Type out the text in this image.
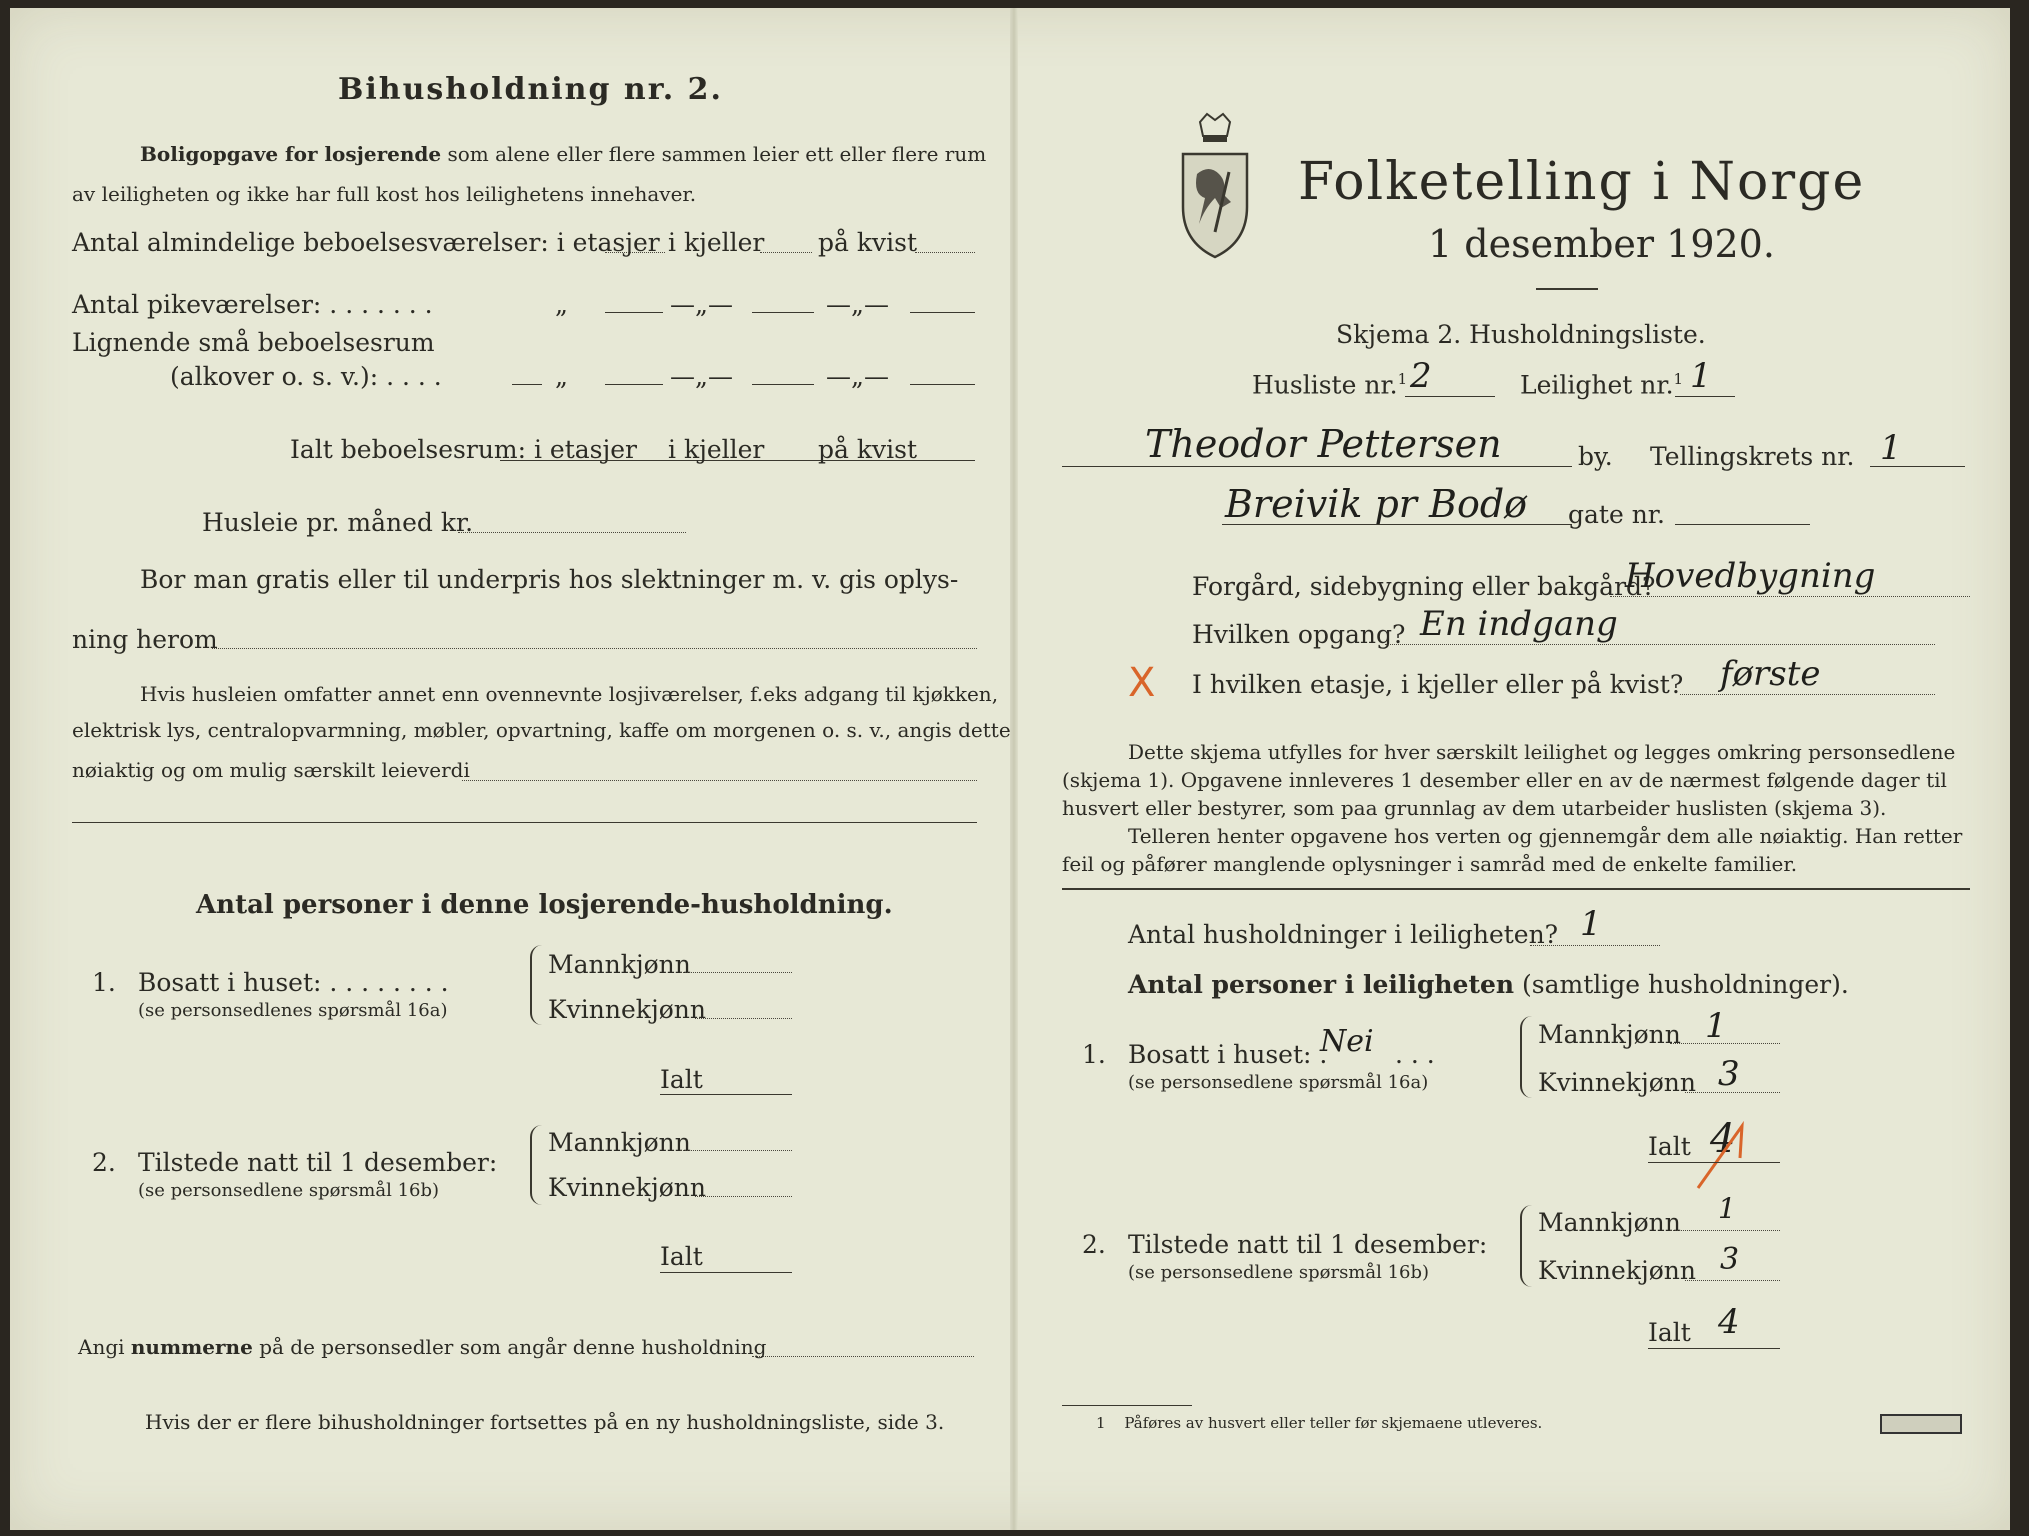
Bihusholdning nr. 2.
Boligopgave for losjerende som alene eller flere sammen leier ett eller flere rum
av leiligheten og ikke har full kost hos leilighetens innehaver.
Antal almindelige beboelsesværelser: i etasjer i kjeller på kvist
Antal pikeværelser: . . . . . . .	„	—„—	—„—
Lignende små beboelsesrum
(alkover o. s. v.): . . . .	„	—„—	—„—
Ialt beboelsesrum: i etasjer i kjeller på kvist
Husleie pr. måned kr.
Bor man gratis eller til underpris hos slektninger m. v. gis oplys-
ning herom
Hvis husleien omfatter annet enn ovennevnte losjiværelser, f.eks adgang til kjøkken,
elektrisk lys, centralopvarmning, møbler, opvartning, kaffe om morgenen o. s. v., angis dette
nøiaktig og om mulig særskilt leieverdi
Antal personer i denne losjerende-husholdning.
1. Bosatt i huset: . . . . . . . .
(se personsedlenes spørsmål 16a)
Mannkjønn
Kvinnekjønn
Ialt
2. Tilstede natt til 1 desember:
(se personsedlene spørsmål 16b)
Mannkjønn
Kvinnekjønn
Ialt
Angi nummerne på de personsedler som angår denne husholdning
Hvis der er flere bihusholdninger fortsettes på en ny husholdningsliste, side 3.
Folketelling i Norge
1 desember 1920.
Skjema 2. Husholdningsliste.
Husliste nr.$^1$ 2	Leilighet nr.$^1$ 1
Theodor Pettersen	by. Tellingskrets nr. 1
Breivik pr Bodø gate nr.
Forgård, sidebygning eller bakgård?
Hovedbygning
Hvilken opgang? En indgang
X I hvilken etasje, i kjeller eller på kvist? første
Dette skjema utfylles for hver særskilt leilighet og legges omkring personsedlene
(skjema 1). Opgavene innleveres 1 desember eller en av de nærmest følgende dager til
husvert eller bestyrer, som paa grunnlag av dem utarbeider huslisten (skjema 3).
Telleren henter opgavene hos verten og gjennemgår dem alle nøiaktig. Han retter
feil og påfører manglende oplysninger i samråd med de enkelte familier.
Antal husholdninger i leiligheten? 1
Antal personer i leiligheten (samtlige husholdninger).
1. Bosatt i huset: .
Nei . . .
(se personsedlene spørsmål 16a)
Mannkjønn 1
Kvinnekjønn 3
Ialt 4
2. Tilstede natt til 1 desember:
(se personsedlene spørsmål 16b)
Mannkjønn 1
Kvinnekjønn 3
Ialt 4
1 Påføres av husvert eller teller før skjemaene utleveres.
